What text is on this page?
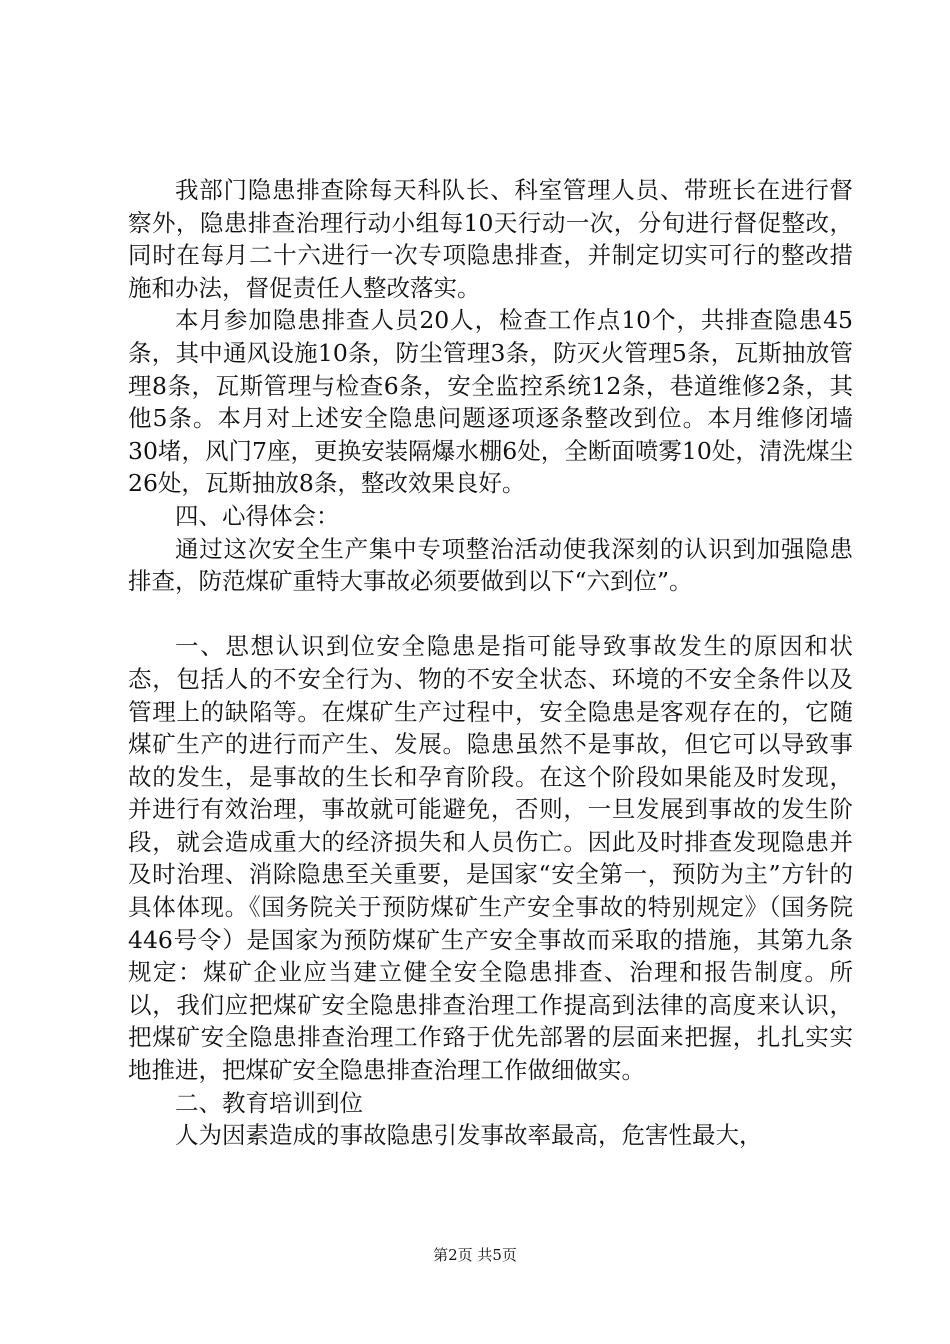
我部门隐患排查除每天科队长、科室管理人员、带班长在进行督察外，隐患排查治理行动小组每10天行动一次，分旬进行督促整改，同时在每月二十六进行一次专项隐患排查，并制定切实可行的整改措施和办法，督促责任人整改落实。

本月参加隐患排查人员20人，检查工作点10个，共排查隐患45条，其中通风设施10条，防尘管理3条，防灭火管理5条，瓦斯抽放管理8条，瓦斯管理与检查6条，安全监控系统12条，巷道维修2条，其他5条。本月对上述安全隐患问题逐项逐条整改到位。本月维修闭墙30堵，风门7座，更换安装隔爆水棚6处，全断面喷雾10处，清洗煤尘26处，瓦斯抽放8条，整改效果良好。

四、心得体会：

通过这次安全生产集中专项整治活动使我深刻的认识到加强隐患排查，防范煤矿重特大事故必须要做到以下“六到位”。

一、思想认识到位安全隐患是指可能导致事故发生的原因和状态，包括人的不安全行为、物的不安全状态、环境的不安全条件以及管理上的缺陷等。在煤矿生产过程中，安全隐患是客观存在的，它随煤矿生产的进行而产生、发展。隐患虽然不是事故，但它可以导致事故的发生，是事故的生长和孕育阶段。在这个阶段如果能及时发现，并进行有效治理，事故就可能避免，否则，一旦发展到事故的发生阶段，就会造成重大的经济损失和人员伤亡。因此及时排查发现隐患并及时治理、消除隐患至关重要，是国家“安全第一，预防为主”方针的具体体现。《国务院关于预防煤矿生产安全事故的特别规定》（国务院446号令）是国家为预防煤矿生产安全事故而采取的措施，其第九条规定：煤矿企业应当建立健全安全隐患排查、治理和报告制度。所以，我们应把煤矿安全隐患排查治理工作提高到法律的高度来认识，把煤矿安全隐患排查治理工作臵于优先部署的层面来把握，扎扎实实地推进，把煤矿安全隐患排查治理工作做细做实。

二、教育培训到位

人为因素造成的事故隐患引发事故率最高，危害性最大，

第2页 共5页
